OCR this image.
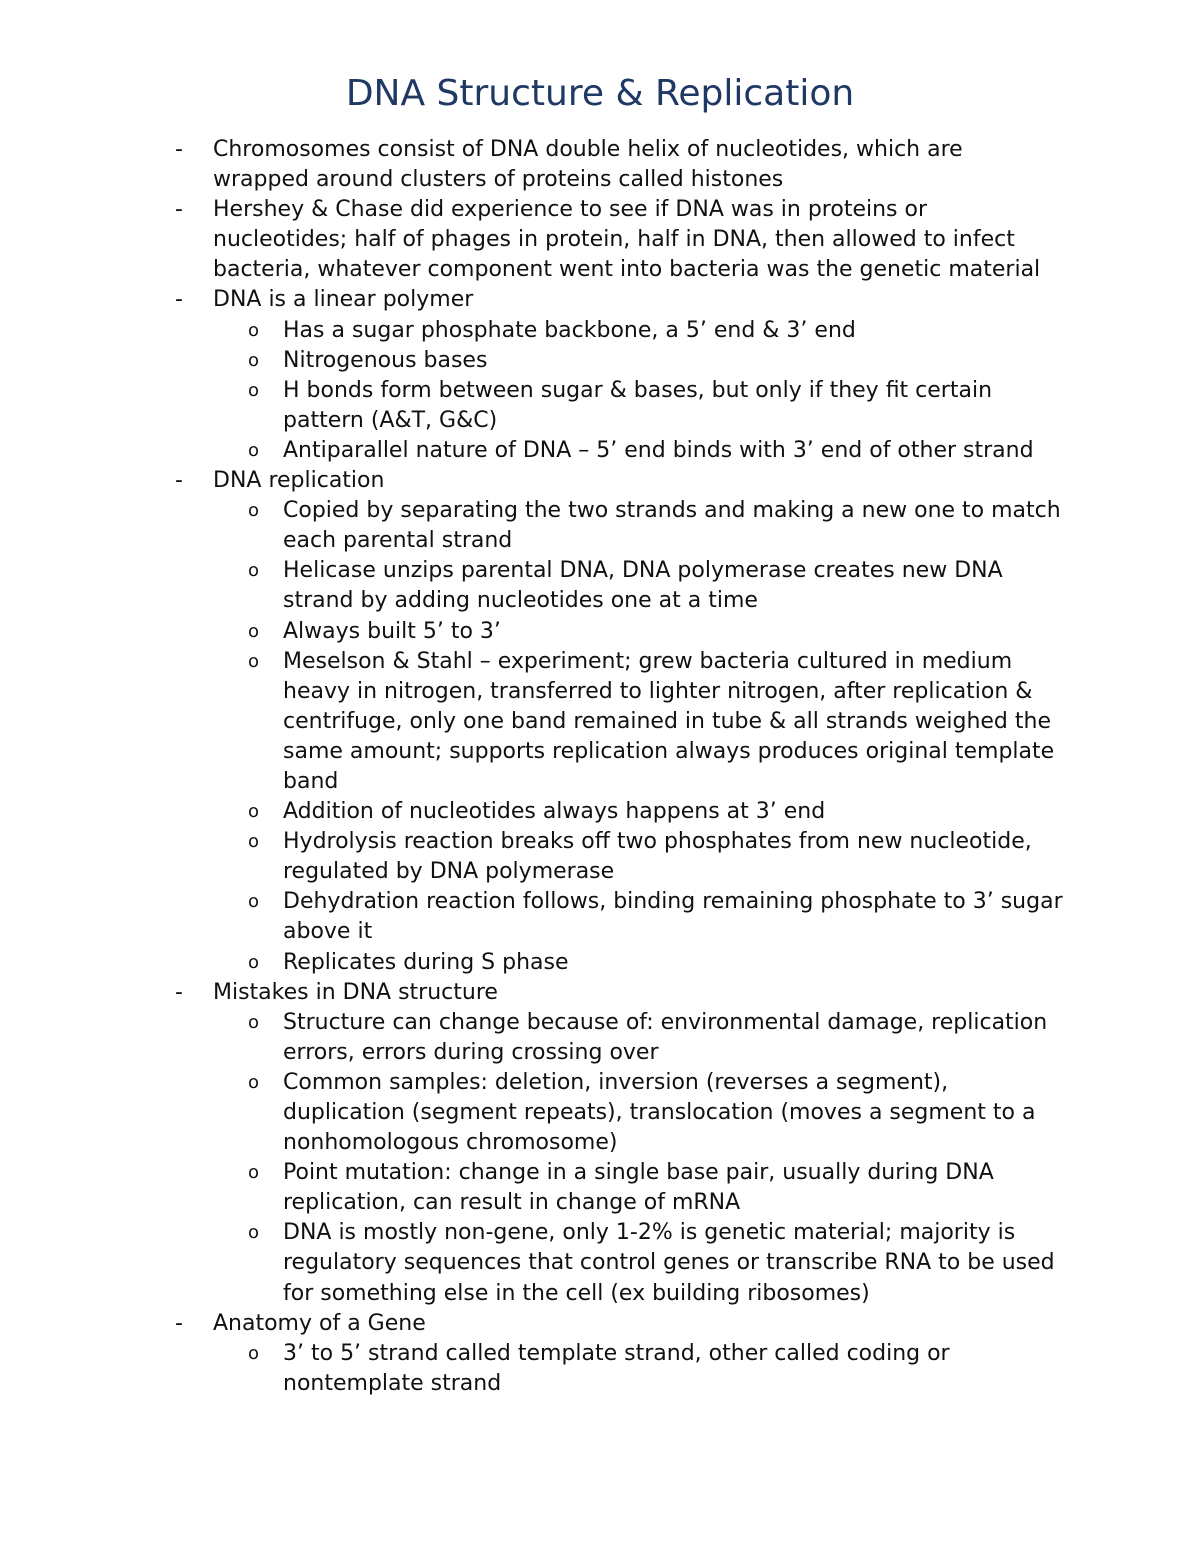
DNA Structure & Replication
-	Chromosomes consist of DNA double helix of nucleotides, which are wrapped around clusters of proteins called histones
-	Hershey & Chase did experience to see if DNA was in proteins or nucleotides; half of phages in protein, half in DNA, then allowed to infect bacteria, whatever component went into bacteria was the genetic material
-	DNA is a linear polymer
o	Has a sugar phosphate backbone, a 5’ end & 3’ end
o	Nitrogenous bases
o	H bonds form between sugar & bases, but only if they fit certain pattern (A&T, G&C)
o	Antiparallel nature of DNA – 5’ end binds with 3’ end of other strand
-	DNA replication
o	Copied by separating the two strands and making a new one to match each parental strand
o	Helicase unzips parental DNA, DNA polymerase creates new DNA strand by adding nucleotides one at a time
o	Always built 5’ to 3’
o	Meselson & Stahl – experiment; grew bacteria cultured in medium heavy in nitrogen, transferred to lighter nitrogen, after replication & centrifuge, only one band remained in tube & all strands weighed the same amount; supports replication always produces original template band
o	Addition of nucleotides always happens at 3’ end
o	Hydrolysis reaction breaks off two phosphates from new nucleotide, regulated by DNA polymerase
o	Dehydration reaction follows, binding remaining phosphate to 3’ sugar above it
o	Replicates during S phase
-	Mistakes in DNA structure
o	Structure can change because of: environmental damage, replication errors, errors during crossing over
o	Common samples: deletion, inversion (reverses a segment), duplication (segment repeats), translocation (moves a segment to a nonhomologous chromosome)
o	Point mutation: change in a single base pair, usually during DNA replication, can result in change of mRNA
o	DNA is mostly non-gene, only 1-2% is genetic material; majority is regulatory sequences that control genes or transcribe RNA to be used for something else in the cell (ex building ribosomes)
-	Anatomy of a Gene
o	3’ to 5’ strand called template strand, other called coding or nontemplate strand
